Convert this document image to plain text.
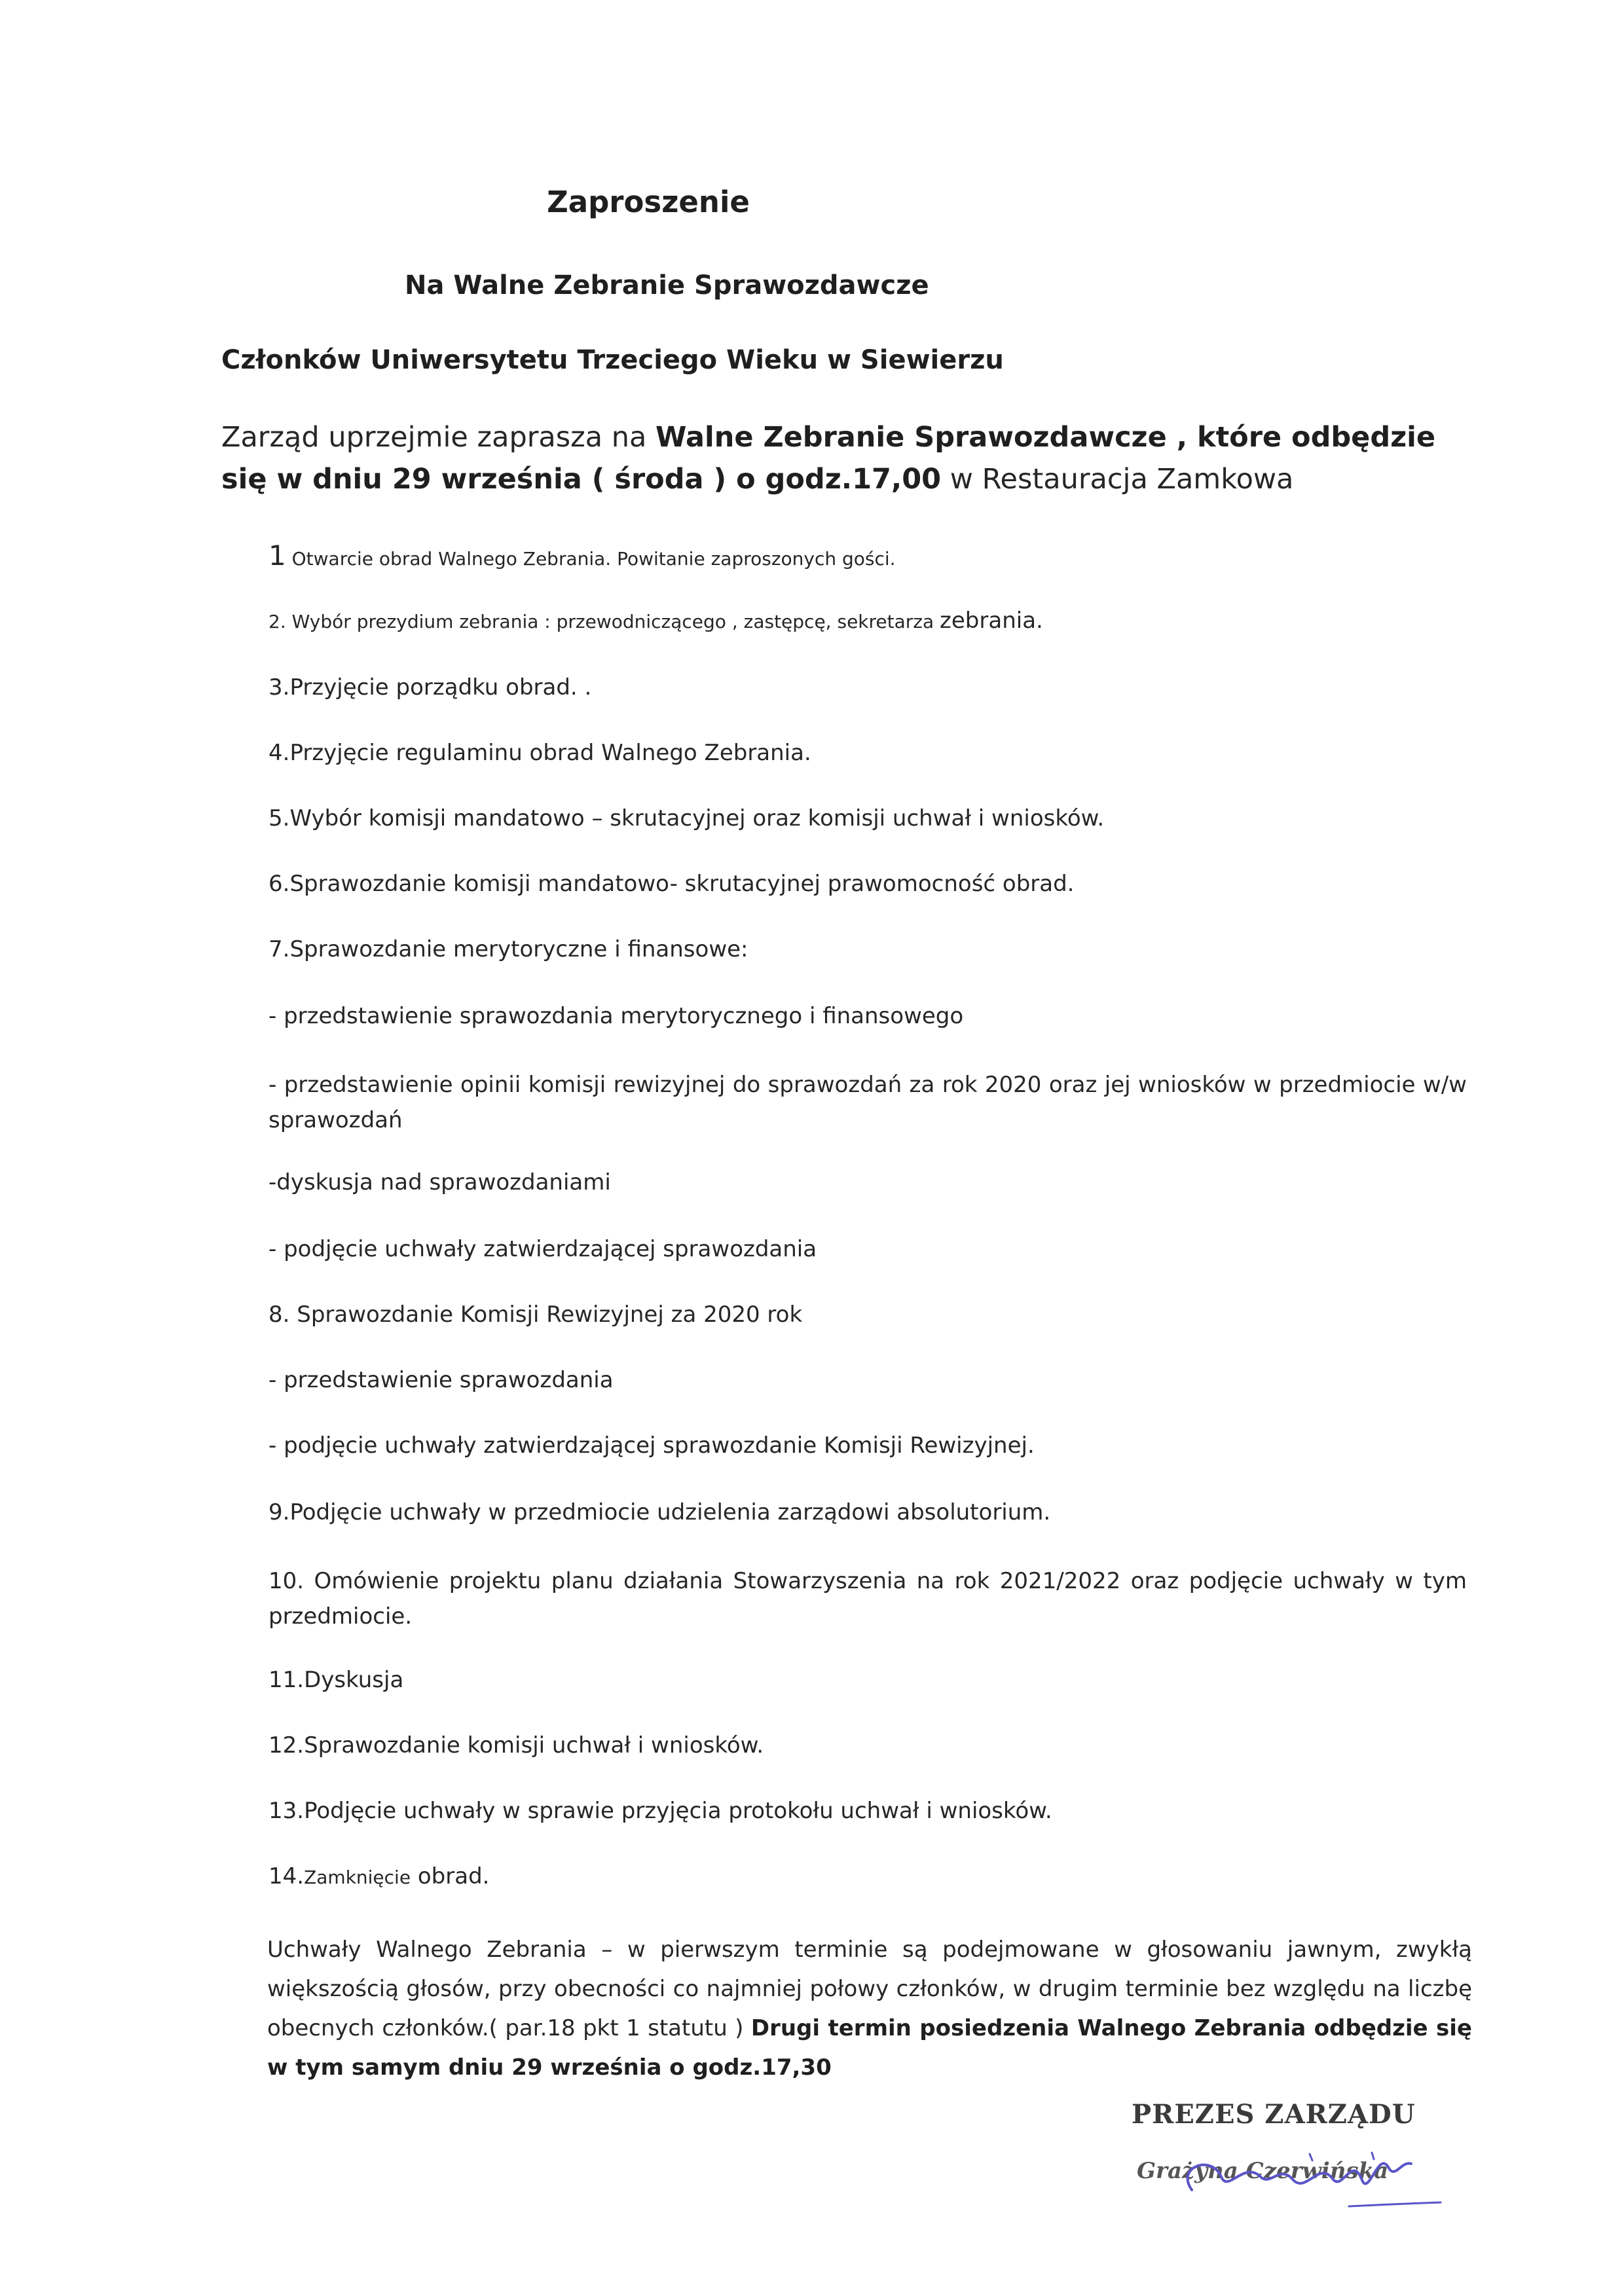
Zaproszenie
Na Walne Zebranie Sprawozdawcze
Członków Uniwersytetu Trzeciego Wieku w Siewierzu
Zarząd uprzejmie zaprasza na Walne Zebranie Sprawozdawcze , które odbędzie się w dniu 29 września ( środa ) o godz.17,00 w Restauracja Zamkowa
1 Otwarcie obrad Walnego Zebrania. Powitanie zaproszonych gości.
2. Wybór prezydium zebrania : przewodniczącego , zastępcę, sekretarza zebrania.
3.Przyjęcie porządku obrad. .
4.Przyjęcie regulaminu obrad Walnego Zebrania.
5.Wybór komisji mandatowo – skrutacyjnej oraz komisji uchwał i wniosków.
6.Sprawozdanie komisji mandatowo- skrutacyjnej prawomocność obrad.
7.Sprawozdanie merytoryczne i finansowe:
- przedstawienie sprawozdania merytorycznego i finansowego
- przedstawienie opinii komisji rewizyjnej do sprawozdań za rok 2020 oraz jej wniosków w przedmiocie w/w sprawozdań
-dyskusja nad sprawozdaniami
- podjęcie uchwały zatwierdzającej sprawozdania
8. Sprawozdanie Komisji Rewizyjnej za 2020 rok
- przedstawienie sprawozdania
- podjęcie uchwały zatwierdzającej sprawozdanie Komisji Rewizyjnej.
9.Podjęcie uchwały w przedmiocie udzielenia zarządowi absolutorium.
10. Omówienie projektu planu działania Stowarzyszenia na rok 2021/2022 oraz podjęcie uchwały w tym przedmiocie.
11.Dyskusja
12.Sprawozdanie komisji uchwał i wniosków.
13.Podjęcie uchwały w sprawie przyjęcia protokołu uchwał i wniosków.
14.Zamknięcie obrad.
Uchwały Walnego Zebrania – w pierwszym terminie są podejmowane w głosowaniu jawnym, zwykłą większością głosów, przy obecności co najmniej połowy członków, w drugim terminie bez względu na liczbę obecnych członków.( par.18 pkt 1 statutu ) Drugi termin posiedzenia Walnego Zebrania odbędzie się w tym samym dniu 29 września o godz.17,30
PREZES ZARZĄDU
Grażyna Czerwińska
